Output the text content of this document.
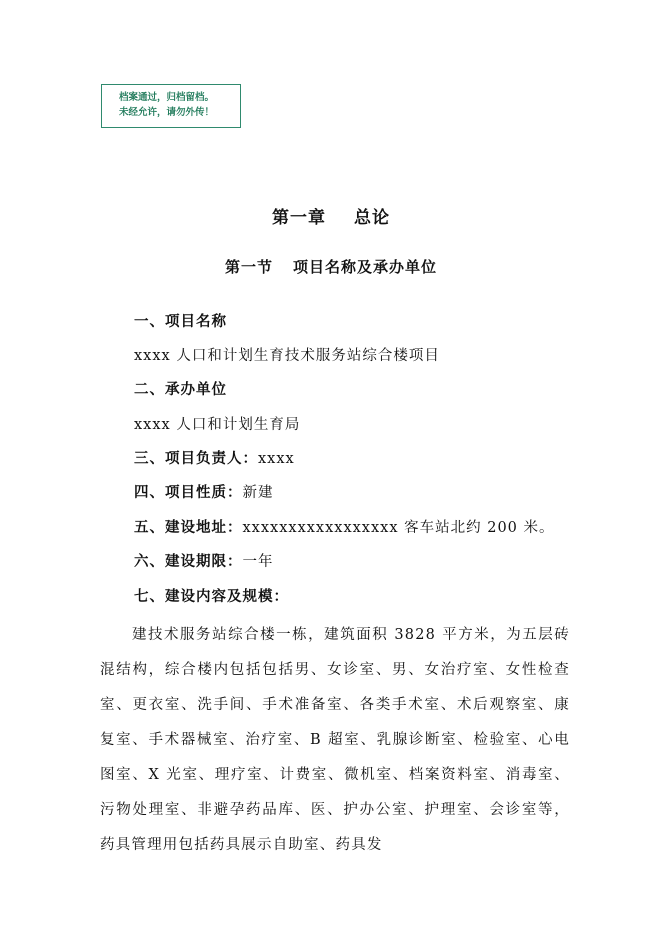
档案通过，归档留档。
未经允许，请勿外传！
第一章 总论
第一节 项目名称及承办单位
一、项目名称
xxxx 人口和计划生育技术服务站综合楼项目
二、承办单位
xxxx 人口和计划生育局
三、项目负责人：xxxx
四、项目性质：新建
五、建设地址：xxxxxxxxxxxxxxxxx 客车站北约 200 米。
六、建设期限：一年
七、建设内容及规模：
建技术服务站综合楼一栋，建筑面积 3828 平方米，为五层砖混结构，综合楼内包括包括男、女诊室、男、女治疗室、女性检查室、更衣室、洗手间、手术准备室、各类手术室、术后观察室、康复室、手术器械室、治疗室、B 超室、乳腺诊断室、检验室、心电图室、X 光室、理疗室、计费室、微机室、档案资料室、消毒室、污物处理室、非避孕药品库、医、护办公室、护理室、会诊室等，药具管理用包括药具展示自助室、药具发
